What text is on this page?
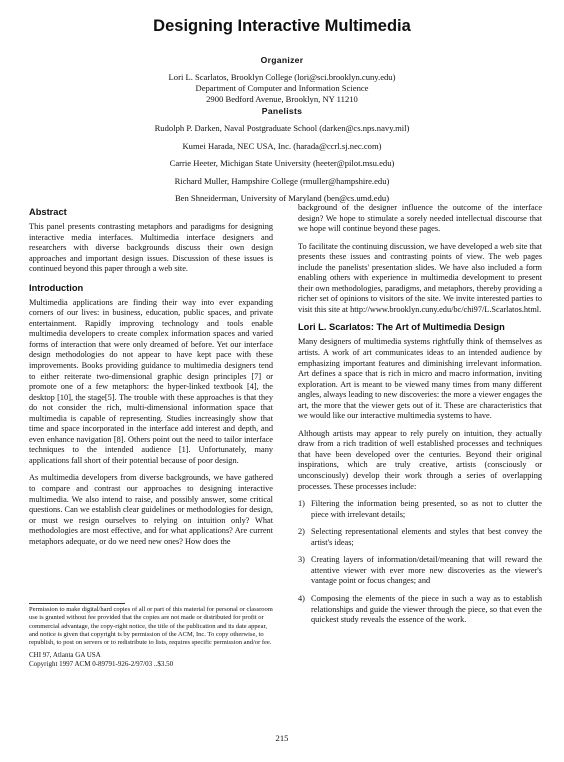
Designing Interactive Multimedia
Organizer
Lori L. Scarlatos, Brooklyn College (lori@sci.brooklyn.cuny.edu)
Department of Computer and Information Science
2900 Bedford Avenue, Brooklyn, NY 11210
Panelists
Rudolph P. Darken, Naval Postgraduate School (darken@cs.nps.navy.mil)
Kumei Harada, NEC USA, Inc. (harada@ccrl.sj.nec.com)
Carrie Heeter, Michigan State University (heeter@pilot.msu.edu)
Richard Muller, Hampshire College (rmuller@hampshire.edu)
Ben Shneiderman, University of Maryland (ben@cs.umd.edu)
Abstract

This panel presents contrasting metaphors and paradigms for designing interactive media interfaces. Multimedia interface designers and researchers with diverse backgrounds discuss their own design approaches and important design issues. Discussion of these issues is continued beyond this paper through a web site.

Introduction

Multimedia applications are finding their way into ever expanding corners of our lives: in business, education, public spaces, and private entertainment. Rapidly improving technology and tools enable multimedia developers to create complex information spaces and varied forms of interaction that were only dreamed of before. Yet our interface design methodologies do not appear to have kept pace with these improvements. Books providing guidance to multimedia designers tend to either reiterate two-dimensional graphic design principles [7] or promote one of a few metaphors: the hyper-linked textbook [4], the desktop [10], the stage[5]. The trouble with these approaches is that they do not consider the rich, multi-dimensional information space that multimedia is capable of representing. Studies increasingly show that time and space incorporated in the interface add interest and depth, and even enhance navigation [8]. Others point out the need to tailor interface techniques to the intended audience [1]. Unfortunately, many applications fall short of their potential because of poor design.

As multimedia developers from diverse backgrounds, we have gathered to compare and contrast our approaches to designing interactive multimedia. We also intend to raise, and possibly answer, some critical questions. Can we establish clear guidelines or methodologies for design, or must we resign ourselves to relying on intuition only? What methodologies are most effective, and for what applications? Are current metaphors adequate, or do we need new ones? How does the

background of the designer influence the outcome of the interface design? We hope to stimulate a sorely needed intellectual discourse that we hope will continue beyond these pages.

To facilitate the continuing discussion, we have developed a web site that presents these issues and contrasting points of view. The web pages include the panelists' presentation slides. We have also included a form enabling others with experience in multimedia development to present their own methodologies, paradigms, and metaphors, thereby providing a richer set of opinions to visitors of the site. We invite interested parties to visit this site at http://www.brooklyn.cuny.edu/bc/chi97/L.Scarlatos.html.

Lori L. Scarlatos: The Art of Multimedia Design

Many designers of multimedia systems rightfully think of themselves as artists. A work of art communicates ideas to an intended audience by emphasizing important features and diminishing irrelevant information. Art defines a space that is rich in micro and macro information, inviting exploration. Art is meant to be viewed many times from many different angles, always leading to new discoveries: the more a viewer engages the art, the more that the viewer gets out of it. These are characteristics that we would like our interactive multimedia systems to have.

Although artists may appear to rely purely on intuition, they actually draw from a rich tradition of well established processes and techniques that have been developed over the centuries. Beyond their original inspirations, which are truly creative, artists (consciously or unconsciously) develop their work through a series of overlapping processes. These processes include:

1) Filtering the information being presented, so as not to clutter the piece with irrelevant details;
2) Selecting representational elements and styles that best convey the artist's ideas;
3) Creating layers of information/detail/meaning that will reward the attentive viewer with ever more new discoveries as the viewer's vantage point or focus changes; and
4) Composing the elements of the piece in such a way as to establish relationships and guide the viewer through the piece, so that even the quickest study reveals the essence of the work.

Permission to make digital/hard copies of all or part of this material for personal or classroom use is granted without fee provided that the copies are not made or distributed for profit or commercial advantage, the copy-right notice, the title of the publication and its date appear, and notice is given that copyright is by permission of the ACM, Inc. To copy otherwise, to republish, to post on servers or to redistribute to lists, requires specific permission and/or fee.

CHI 97, Atlanta GA USA
Copyright 1997 ACM 0-89791-926-2/97/03 ..$3.50
215
